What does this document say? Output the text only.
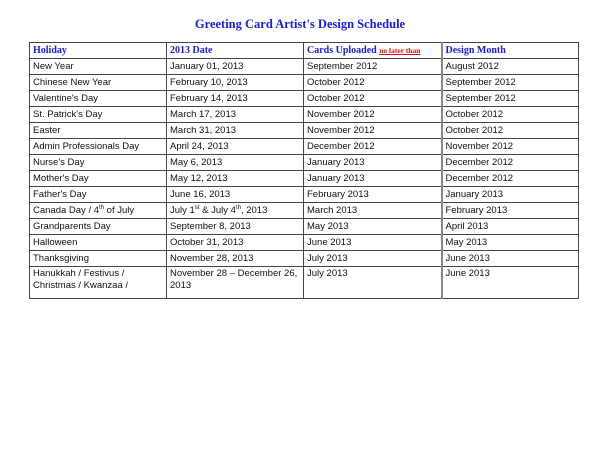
Greeting Card Artist's Design Schedule
Holiday	2013 Date	Cards Uploaded no later than	Design Month
New Year	January 01, 2013	September 2012	August 2012
Chinese New Year	February 10, 2013	October 2012	September 2012
Valentine's Day	February 14, 2013	October 2012	September 2012
St. Patrick's Day	March 17, 2013	November 2012	October 2012
Easter	March 31, 2013	November 2012	October 2012
Admin Professionals Day	April 24, 2013	December 2012	November 2012
Nurse's Day	May 6, 2013	January 2013	December 2012
Mother's Day	May 12, 2013	January 2013	December 2012
Father's Day	June 16, 2013	February 2013	January 2013
Canada Day / 4th of July	July 1st & July 4th, 2013	March 2013	February 2013
Grandparents Day	September 8, 2013	May 2013	April 2013
Halloween	October 31, 2013	June 2013	May 2013
Thanksgiving	November 28, 2013	July 2013	June 2013
Hanukkah / Festivus / Christmas / Kwanzaa /	November 28 – December 26, 2013	July 2013	June 2013
